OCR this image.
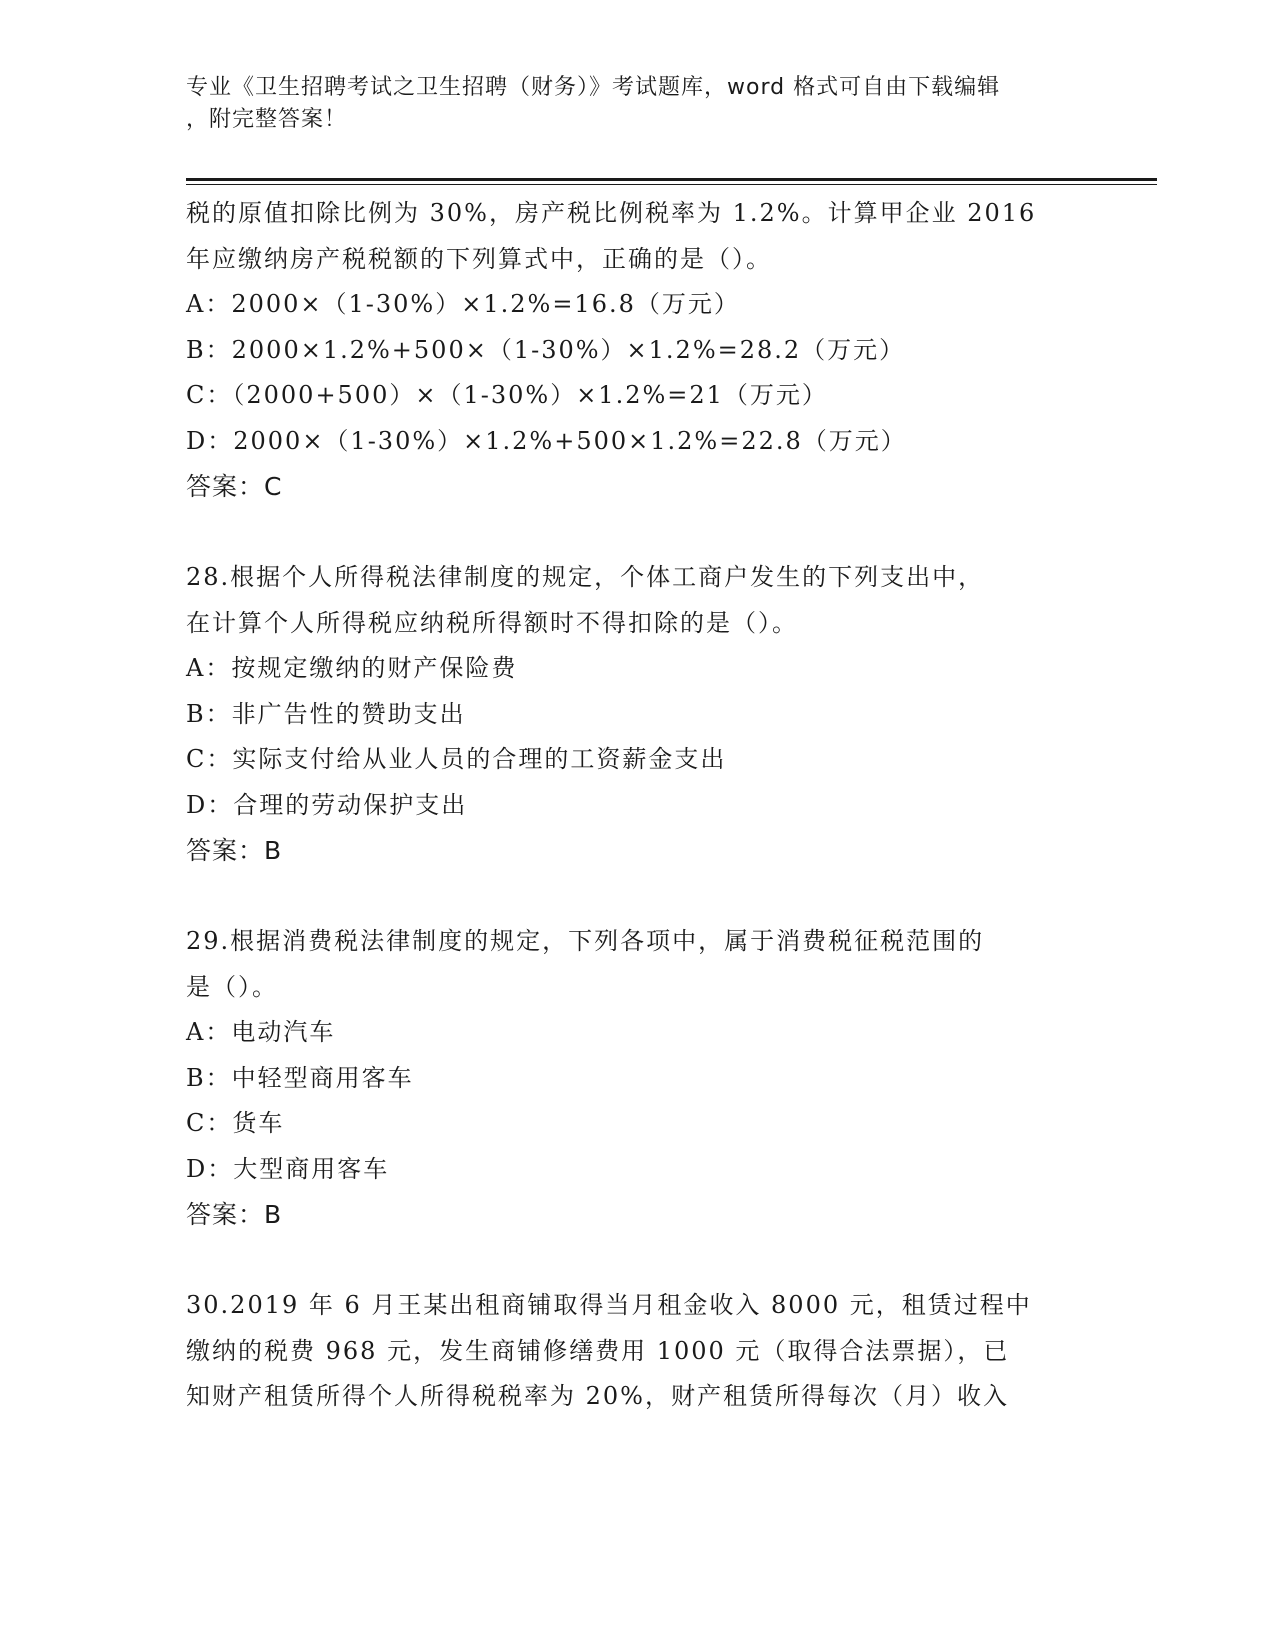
专业《卫生招聘考试之卫生招聘（财务）》考试题库，word 格式可自由下载编辑
，附完整答案！
税的原值扣除比例为 30%，房产税比例税率为 1.2%。计算甲企业 2016
年应缴纳房产税税额的下列算式中，正确的是（）。
A：2000×（1-30%）×1.2%=16.8（万元）
B：2000×1.2%+500×（1-30%）×1.2%=28.2（万元）
C：（2000+500）×（1-30%）×1.2%=21（万元）
D：2000×（1-30%）×1.2%+500×1.2%=22.8（万元）
答案：C
28.根据个人所得税法律制度的规定，个体工商户发生的下列支出中，
在计算个人所得税应纳税所得额时不得扣除的是（）。
A：按规定缴纳的财产保险费
B：非广告性的赞助支出
C：实际支付给从业人员的合理的工资薪金支出
D：合理的劳动保护支出
答案：B
29.根据消费税法律制度的规定，下列各项中，属于消费税征税范围的
是（）。
A：电动汽车
B：中轻型商用客车
C：货车
D：大型商用客车
答案：B
30.2019 年 6 月王某出租商铺取得当月租金收入 8000 元，租赁过程中
缴纳的税费 968 元，发生商铺修缮费用 1000 元（取得合法票据），已
知财产租赁所得个人所得税税率为 20%，财产租赁所得每次（月）收入
